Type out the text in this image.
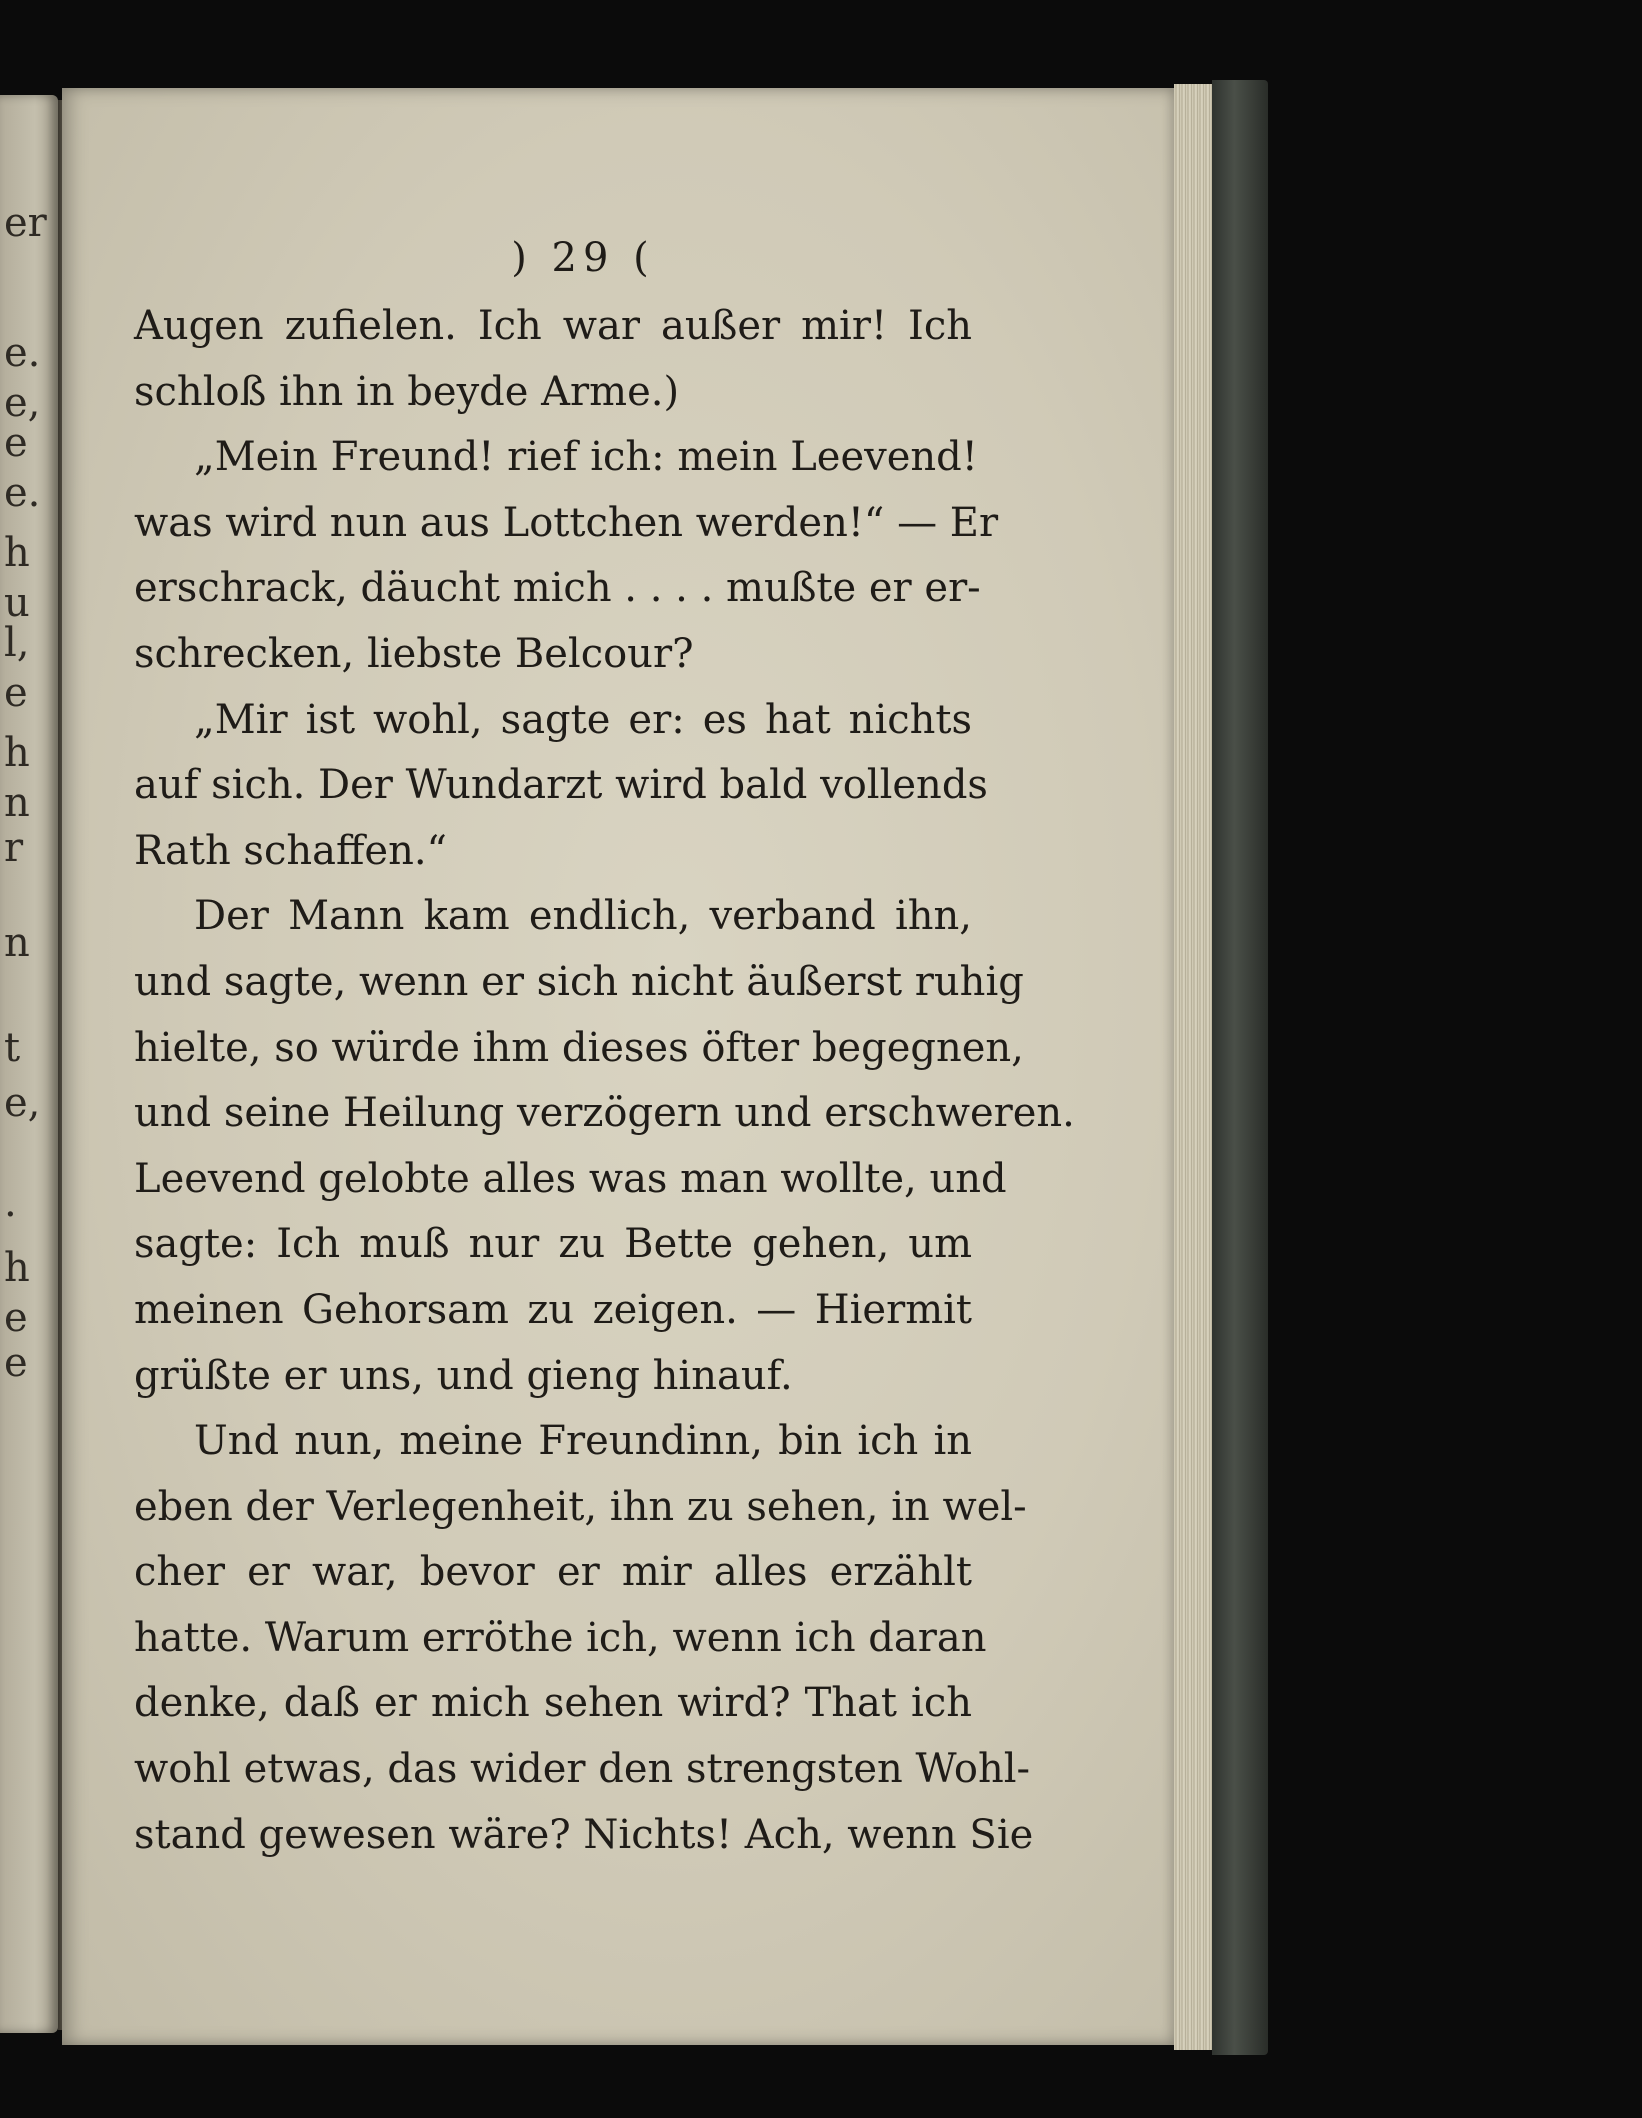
er
e.
e,
e
e.
h
u
l,
e
h
n
r
n
t
e,
.
h
e
e
) 29 (
Augen zufielen. Ich war außer mir! Ich
schloß ihn in beyde Arme.)
„Mein Freund! rief ich: mein Leevend!
was wird nun aus Lottchen werden!“ — Er
erschrack, däucht mich . . . . mußte er er-
schrecken, liebste Belcour?
„Mir ist wohl, sagte er: es hat nichts
auf sich. Der Wundarzt wird bald vollends
Rath schaffen.“
Der Mann kam endlich, verband ihn,
und sagte, wenn er sich nicht äußerst ruhig
hielte, so würde ihm dieses öfter begegnen,
und seine Heilung verzögern und erschweren.
Leevend gelobte alles was man wollte, und
sagte: Ich muß nur zu Bette gehen, um
meinen Gehorsam zu zeigen. — Hiermit
grüßte er uns, und gieng hinauf.
Und nun, meine Freundinn, bin ich in
eben der Verlegenheit, ihn zu sehen, in wel-
cher er war, bevor er mir alles erzählt
hatte. Warum erröthe ich, wenn ich daran
denke, daß er mich sehen wird? That ich
wohl etwas, das wider den strengsten Wohl-
stand gewesen wäre? Nichts! Ach, wenn Sie
